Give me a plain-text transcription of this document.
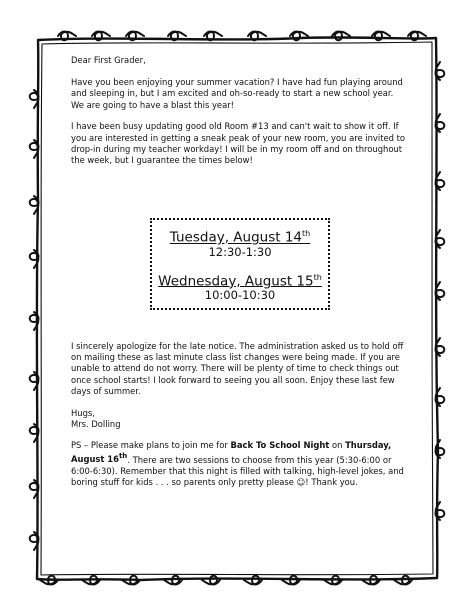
Dear First Grader,

Have you been enjoying your summer vacation? I have had fun playing around and sleeping in, but I am excited and oh-so-ready to start a new school year. We are going to have a blast this year!

I have been busy updating good old Room #13 and can't wait to show it off. If you are interested in getting a sneak peak of your new room, you are invited to drop-in during my teacher workday! I will be in my room off and on throughout the week, but I guarantee the times below!

Tuesday, August 14th
12:30-1:30
Wednesday, August 15th
10:00-10:30

I sincerely apologize for the late notice. The administration asked us to hold off on mailing these as last minute class list changes were being made. If you are unable to attend do not worry. There will be plenty of time to check things out once school starts! I look forward to seeing you all soon. Enjoy these last few days of summer.

Hugs,
Mrs. Dolling

PS – Please make plans to join me for Back To School Night on Thursday, August 16th. There are two sessions to choose from this year (5:30-6:00 or 6:00-6:30). Remember that this night is filled with talking, high-level jokes, and boring stuff for kids . . . so parents only pretty please ☺! Thank you.
